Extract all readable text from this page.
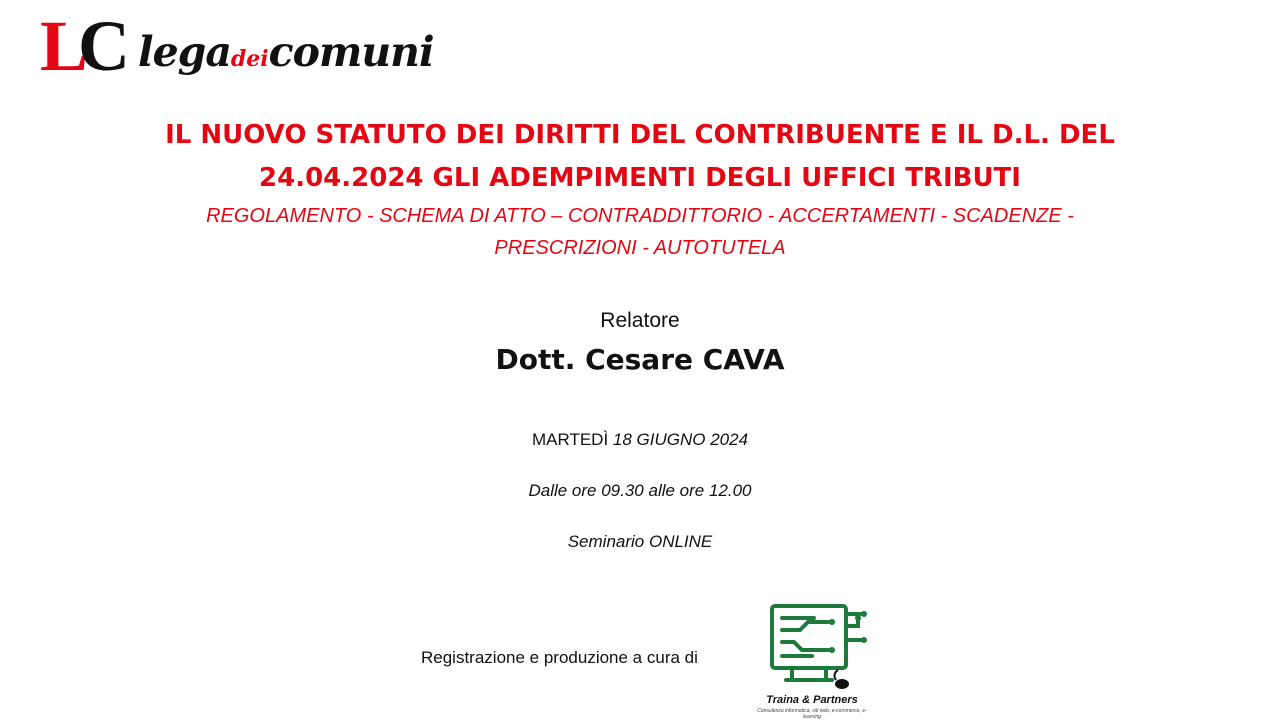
LC legadeicomuni
IL NUOVO STATUTO DEI DIRITTI DEL CONTRIBUENTE E IL D.L. DEL
24.04.2024 GLI ADEMPIMENTI DEGLI UFFICI TRIBUTI
REGOLAMENTO - SCHEMA DI ATTO – CONTRADDITTORIO - ACCERTAMENTI - SCADENZE -
PRESCRIZIONI - AUTOTUTELA
Relatore
Dott. Cesare CAVA
MARTEDÌ 18 GIUGNO 2024
Dalle ore 09.30 alle ore 12.00
Seminario ONLINE
Registrazione e produzione a cura di
Traina & Partners
Consulenza informatica, siti web, e-commerce, e-learning
